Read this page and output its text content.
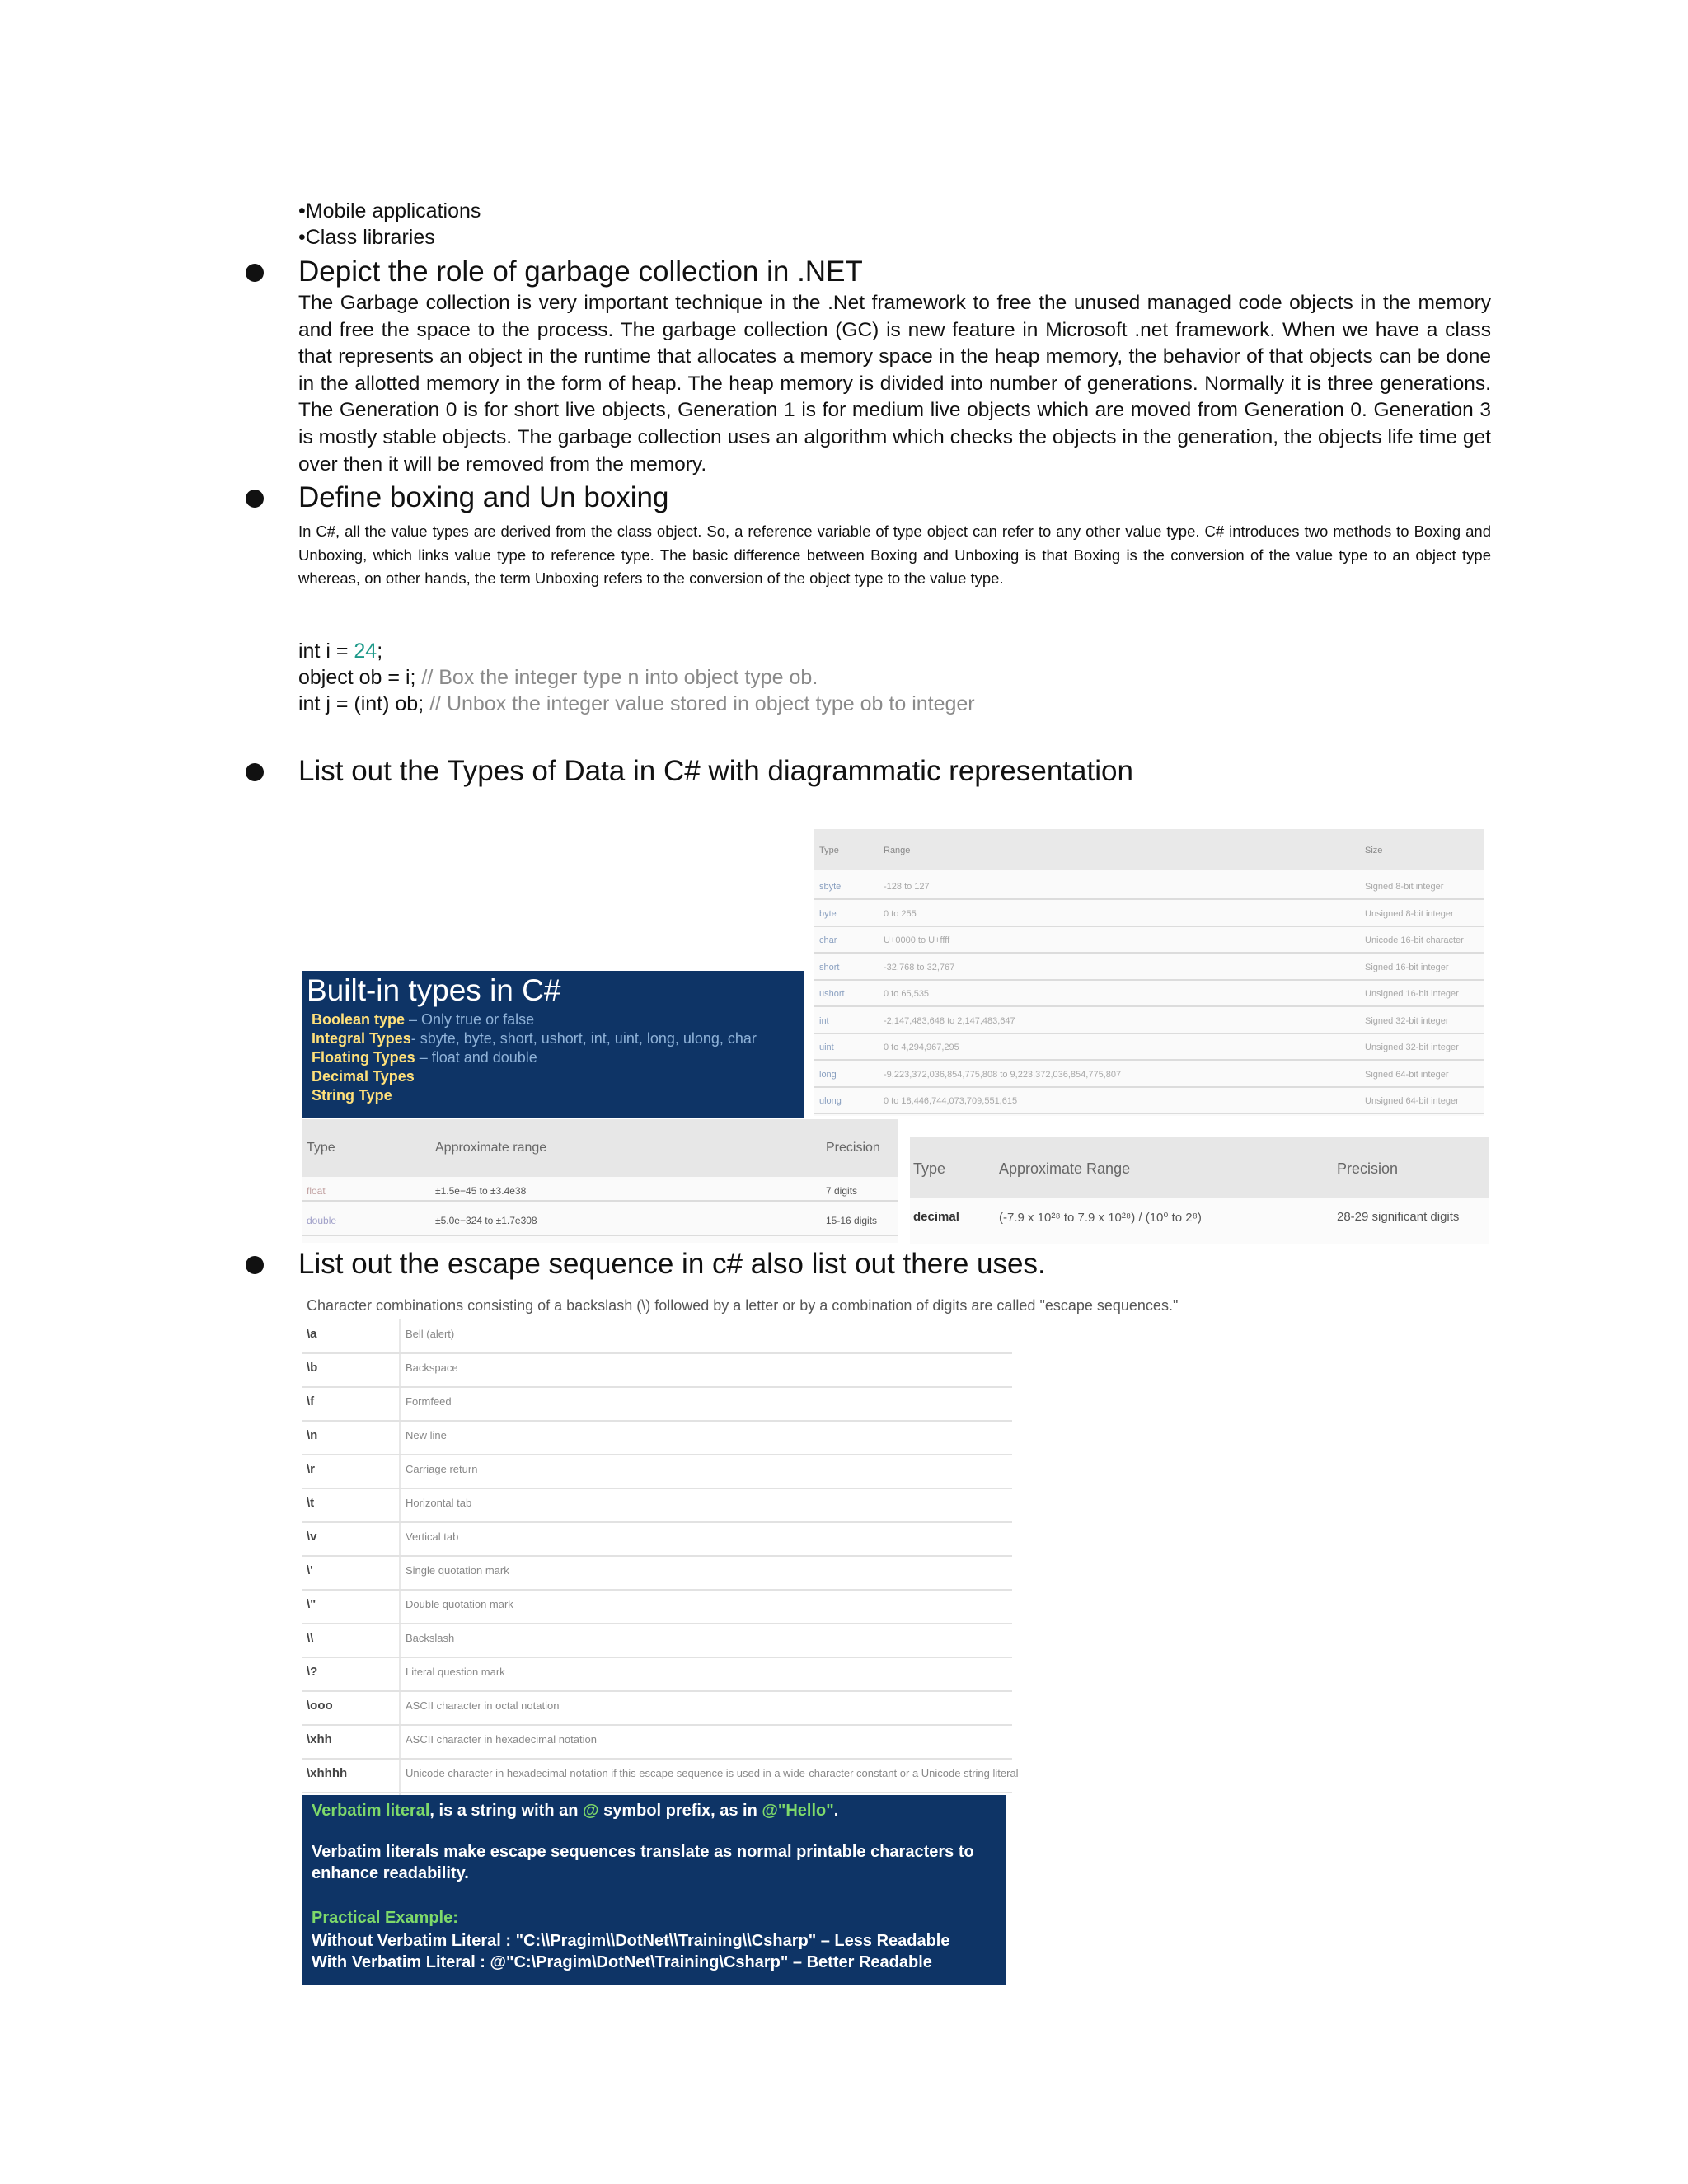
•Mobile applications
•Class libraries
Depict the role of garbage collection in .NET
The Garbage collection is very important technique in the .Net framework to free the unused managed code objects in the memory and free the space to the process. The garbage collection (GC) is new feature in Microsoft .net framework. When we have a class that represents an object in the runtime that allocates a memory space in the heap memory, the behavior of that objects can be done in the allotted memory in the form of heap. The heap memory is divided into number of generations. Normally it is three generations. The Generation 0 is for short live objects, Generation 1 is for medium live objects which are moved from Generation 0. Generation 3 is mostly stable objects. The garbage collection uses an algorithm which checks the objects in the generation, the objects life time get over then it will be removed from the memory.
Define boxing and Un boxing
In C#, all the value types are derived from the class object. So, a reference variable of type object can refer to any other value type. C# introduces two methods to Boxing and Unboxing, which links value type to reference type. The basic difference between Boxing and Unboxing is that Boxing is the conversion of the value type to an object type whereas, on other hands, the term Unboxing refers to the conversion of the object type to the value type.
int i = 24;
object ob = i; // Box the integer type n into object type ob.
int j = (int) ob; // Unbox the integer value stored in object type ob to integer
List out the Types of Data in C# with diagrammatic representation
Type	Range	Size
sbyte	-128 to 127	Signed 8-bit integer
byte	0 to 255	Unsigned 8-bit integer
char	U+0000 to U+ffff	Unicode 16-bit character
short	-32,768 to 32,767	Signed 16-bit integer
ushort	0 to 65,535	Unsigned 16-bit integer
int	-2,147,483,648 to 2,147,483,647	Signed 32-bit integer
uint	0 to 4,294,967,295	Unsigned 32-bit integer
long	-9,223,372,036,854,775,808 to 9,223,372,036,854,775,807	Signed 64-bit integer
ulong	0 to 18,446,744,073,709,551,615	Unsigned 64-bit integer
Built-in types in C#
Boolean type – Only true or false
Integral Types- sbyte, byte, short, ushort, int, uint, long, ulong, char
Floating Types – float and double
Decimal Types
String Type
Type	Approximate range	Precision
float	±1.5e−45 to ±3.4e38	7 digits
double	±5.0e−324 to ±1.7e308	15-16 digits
Type	Approximate Range	Precision
decimal	(-7.9 x 10²⁸ to 7.9 x 10²⁸) / (10⁰ to 2⁸)	28-29 significant digits
List out the escape sequence in c# also list out there uses.
Character combinations consisting of a backslash (\) followed by a letter or by a combination of digits are called "escape sequences."
\a	Bell (alert)
\b	Backspace
\f	Formfeed
\n	New line
\r	Carriage return
\t	Horizontal tab
\v	Vertical tab
\'	Single quotation mark
\"	Double quotation mark
\\	Backslash
\?	Literal question mark
\ooo	ASCII character in octal notation
\xhh	ASCII character in hexadecimal notation
\xhhhh	Unicode character in hexadecimal notation if this escape sequence is used in a wide-character constant or a Unicode string literal
Verbatim literal, is a string with an @ symbol prefix, as in @"Hello".
Verbatim literals make escape sequences translate as normal printable characters to
enhance readability.
Practical Example:
Without Verbatim Literal : "C:\\Pragim\\DotNet\\Training\\Csharp" – Less Readable
With Verbatim Literal : @"C:\Pragim\DotNet\Training\Csharp" – Better Readable
